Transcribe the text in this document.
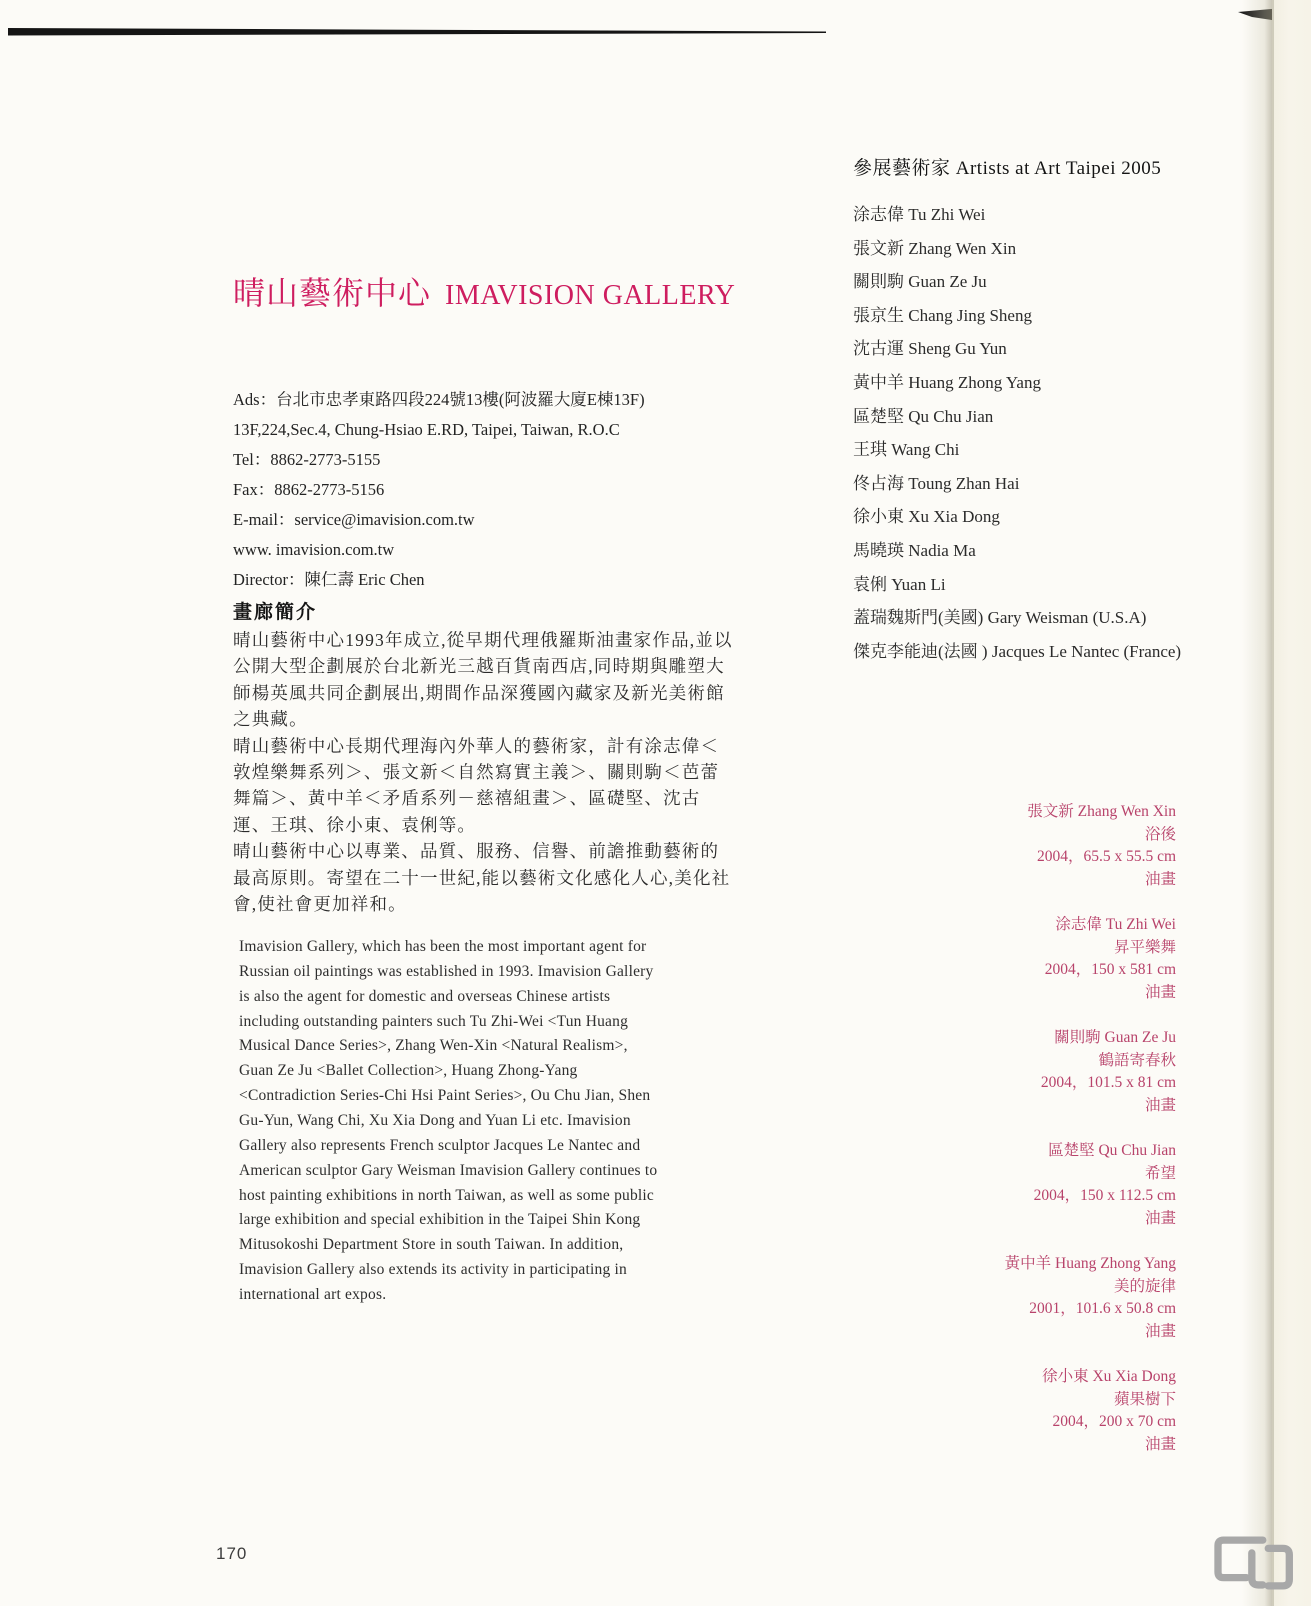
晴山藝術中心 IMAVISION GALLERY
Ads：台北市忠孝東路四段224號13樓(阿波羅大廈E棟13F)
13F,224,Sec.4, Chung-Hsiao E.RD, Taipei, Taiwan, R.O.C
Tel：8862-2773-5155
Fax：8862-2773-5156
E-mail：service@imavision.com.tw
www. imavision.com.tw
Director：陳仁壽 Eric Chen
畫廊簡介
晴山藝術中心1993年成立,從早期代理俄羅斯油畫家作品,並以
公開大型企劃展於台北新光三越百貨南西店,同時期與雕塑大
師楊英風共同企劃展出,期間作品深獲國內藏家及新光美術館
之典藏。
晴山藝術中心長期代理海內外華人的藝術家，計有涂志偉＜
敦煌樂舞系列＞、張文新＜自然寫實主義＞、關則駒＜芭蕾
舞篇＞、黃中羊＜矛盾系列－慈禧組畫＞、區礎堅、沈古
運、王琪、徐小東、袁俐等。
晴山藝術中心以專業、品質、服務、信譽、前譫推動藝術的
最高原則。寄望在二十一世紀,能以藝術文化感化人心,美化社
會,使社會更加祥和。
Imavision Gallery, which has been the most important agent for
Russian oil paintings was established in 1993. Imavision Gallery
is also the agent for domestic and overseas Chinese artists
including outstanding painters such Tu Zhi-Wei <Tun Huang
Musical Dance Series>, Zhang Wen-Xin <Natural Realism>,
Guan Ze Ju <Ballet Collection>, Huang Zhong-Yang
<Contradiction Series-Chi Hsi Paint Series>, Ou Chu Jian, Shen
Gu-Yun, Wang Chi, Xu Xia Dong and Yuan Li etc. Imavision
Gallery also represents French sculptor Jacques Le Nantec and
American sculptor Gary Weisman Imavision Gallery continues to
host painting exhibitions in north Taiwan, as well as some public
large exhibition and special exhibition in the Taipei Shin Kong
Mitusokoshi Department Store in south Taiwan. In addition,
Imavision Gallery also extends its activity in participating in
international art expos.
參展藝術家 Artists at Art Taipei 2005
涂志偉 Tu Zhi Wei
張文新 Zhang Wen Xin
關則駒 Guan Ze Ju
張京生 Chang Jing Sheng
沈古運 Sheng Gu Yun
黃中羊 Huang Zhong Yang
區楚堅 Qu Chu Jian
王琪 Wang Chi
佟占海 Toung Zhan Hai
徐小東 Xu Xia Dong
馬曉瑛 Nadia Ma
袁俐 Yuan Li
蓋瑞魏斯門(美國) Gary Weisman (U.S.A)
傑克李能迪(法國 ) Jacques Le Nantec (France)
張文新 Zhang Wen Xin
浴後
2004，65.5 x 55.5 cm
油畫
涂志偉 Tu Zhi Wei
昇平樂舞
2004，150 x 581 cm
油畫
關則駒 Guan Ze Ju
鶴語寄春秋
2004，101.5 x 81 cm
油畫
區楚堅 Qu Chu Jian
希望
2004，150 x 112.5 cm
油畫
黃中羊 Huang Zhong Yang
美的旋律
2001，101.6 x 50.8 cm
油畫
徐小東 Xu Xia Dong
蘋果樹下
2004，200 x 70 cm
油畫
170
